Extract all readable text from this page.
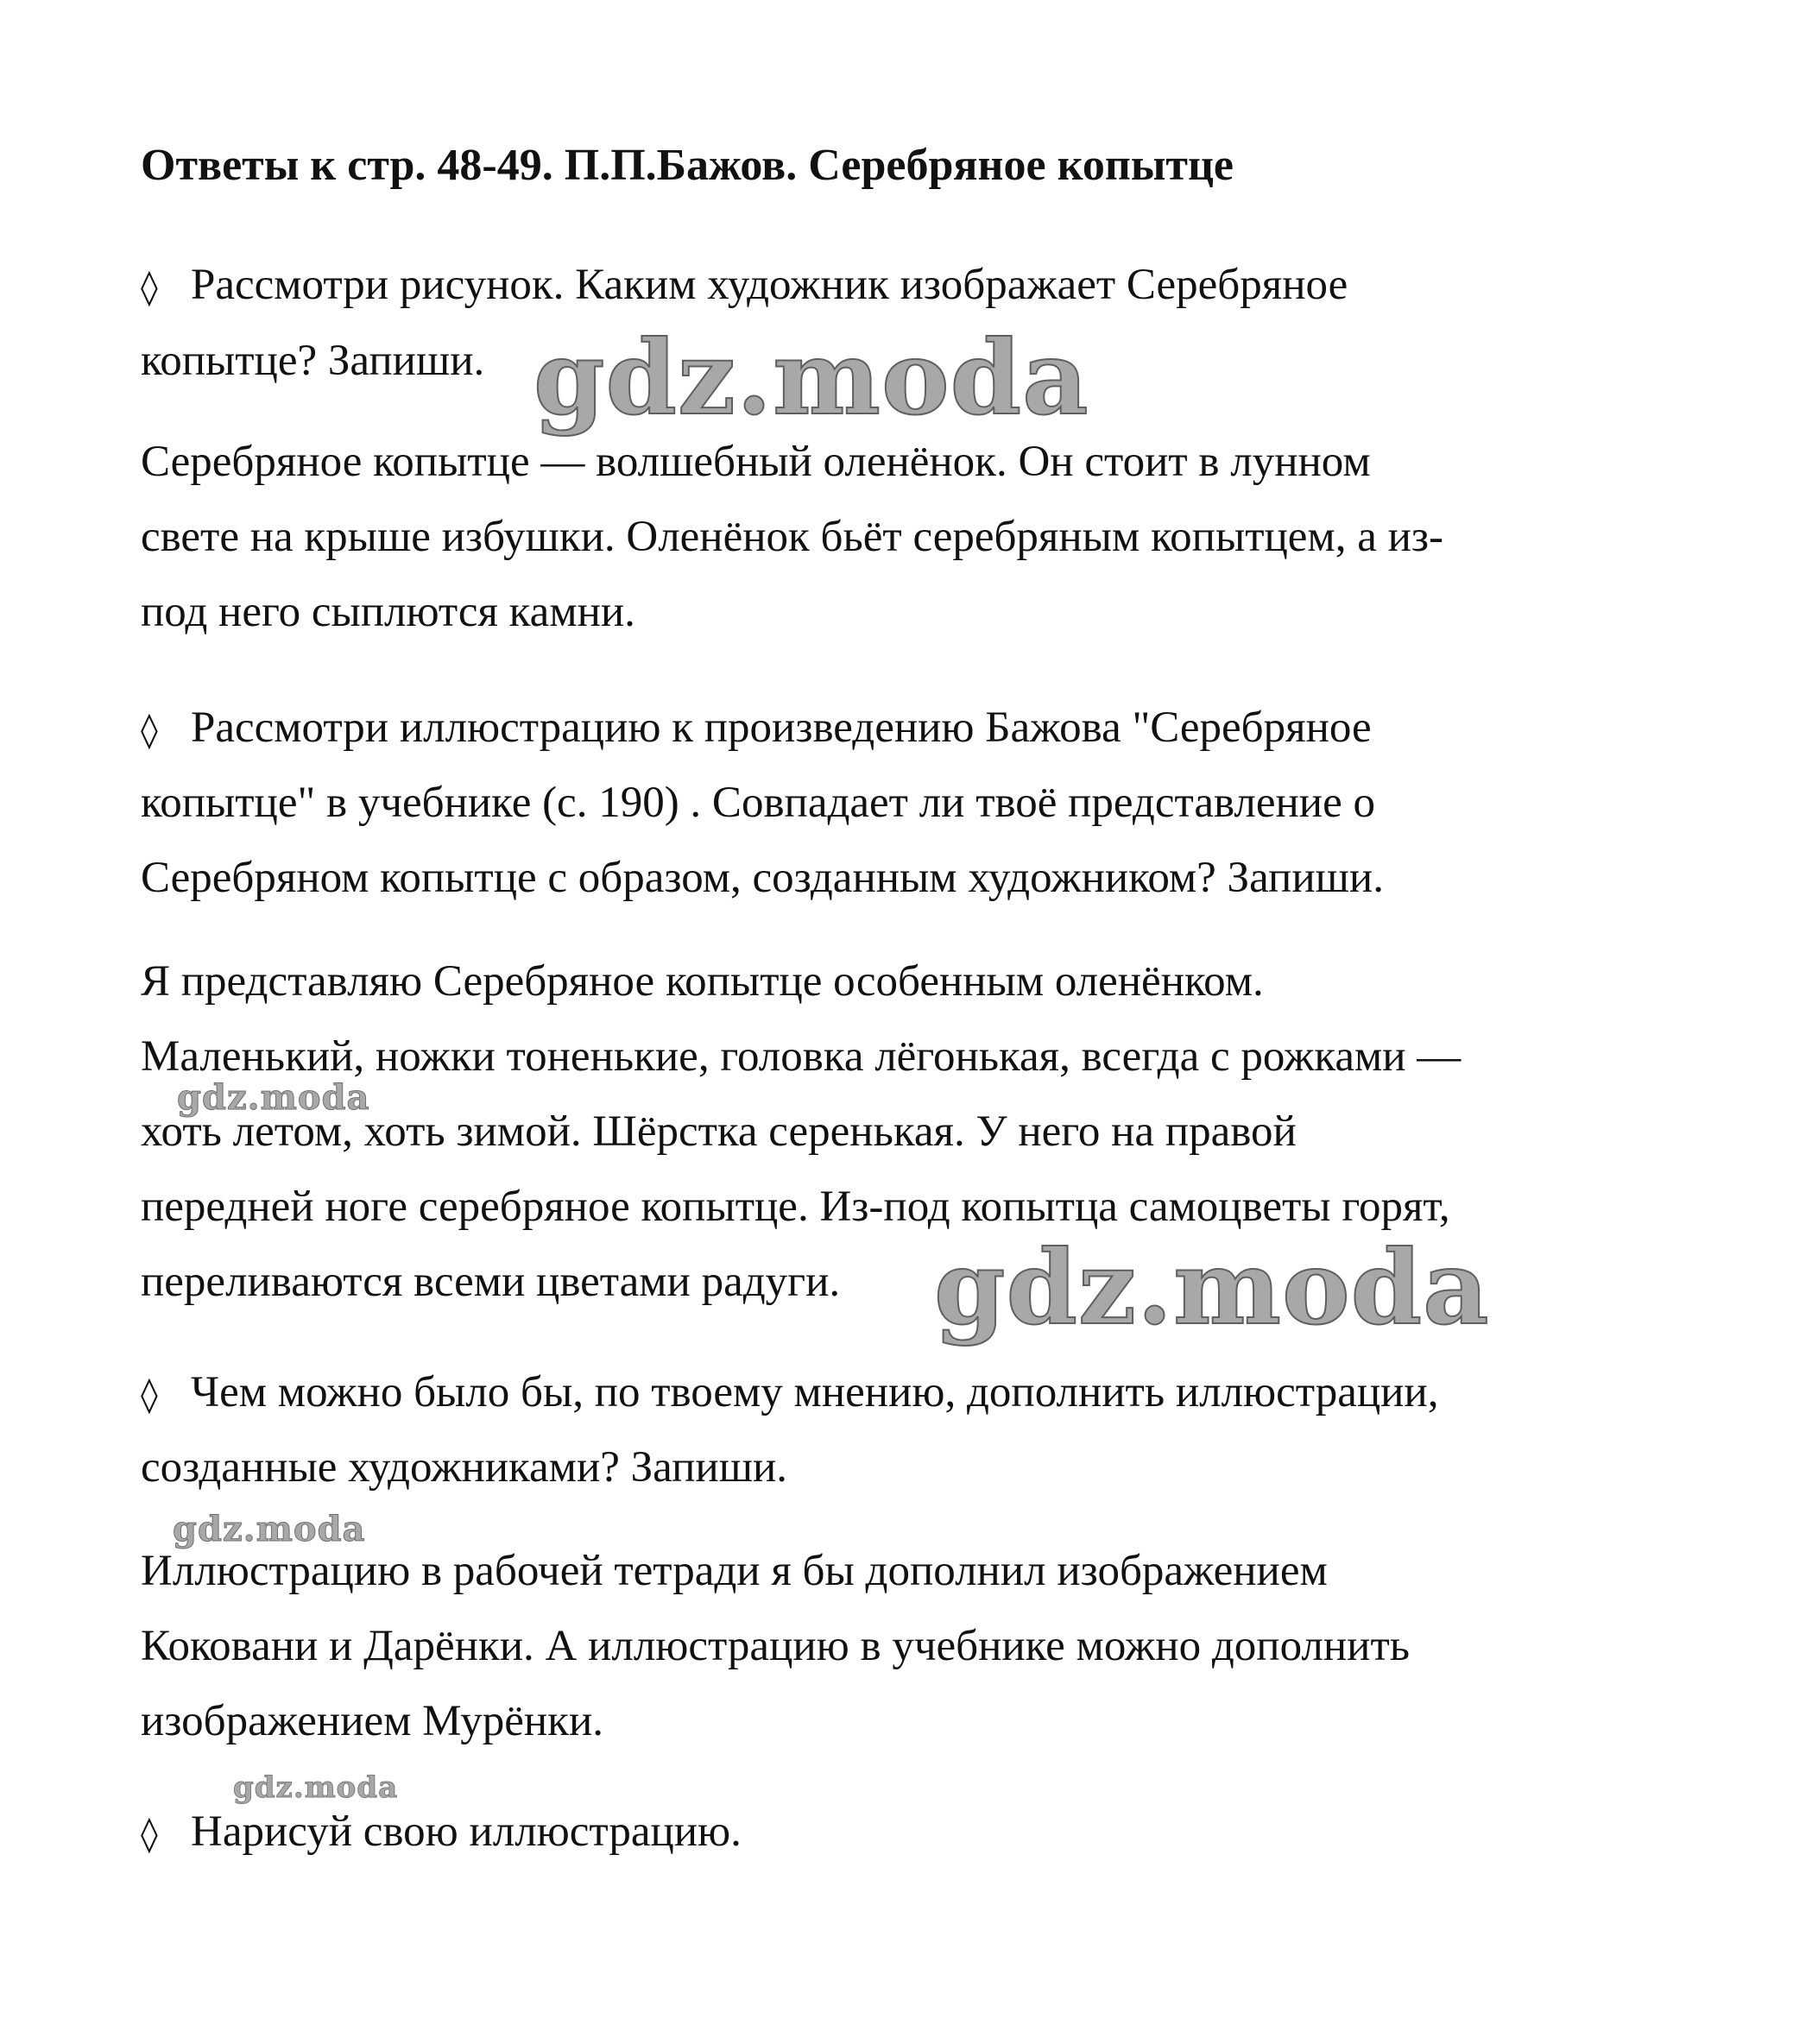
Ответы к стр. 48-49. П.П.Бажов. Серебряное копытце
◊ Рассмотри рисунок. Каким художник изображает Серебряное
копытце? Запиши.
Серебряное копытце — волшебный оленёнок. Он стоит в лунном
свете на крыше избушки. Оленёнок бьёт серебряным копытцем, а из-
под него сыплются камни.
◊ Рассмотри иллюстрацию к произведению Бажова "Серебряное
копытце" в учебнике (с. 190) . Совпадает ли твоё представление о
Серебряном копытце с образом, созданным художником? Запиши.
Я представляю Серебряное копытце особенным оленёнком.
Маленький, ножки тоненькие, головка лёгонькая, всегда с рожками —
хоть летом, хоть зимой. Шёрстка серенькая. У него на правой
передней ноге серебряное копытце. Из-под копытца самоцветы горят,
переливаются всеми цветами радуги.
◊ Чем можно было бы, по твоему мнению, дополнить иллюстрации,
созданные художниками? Запиши.
Иллюстрацию в рабочей тетради я бы дополнил изображением
Коковани и Дарёнки. А иллюстрацию в учебнике можно дополнить
изображением Мурёнки.
◊ Нарисуй свою иллюстрацию.
gdz.moda
gdz.moda
gdz.moda
gdz.moda
gdz.moda
